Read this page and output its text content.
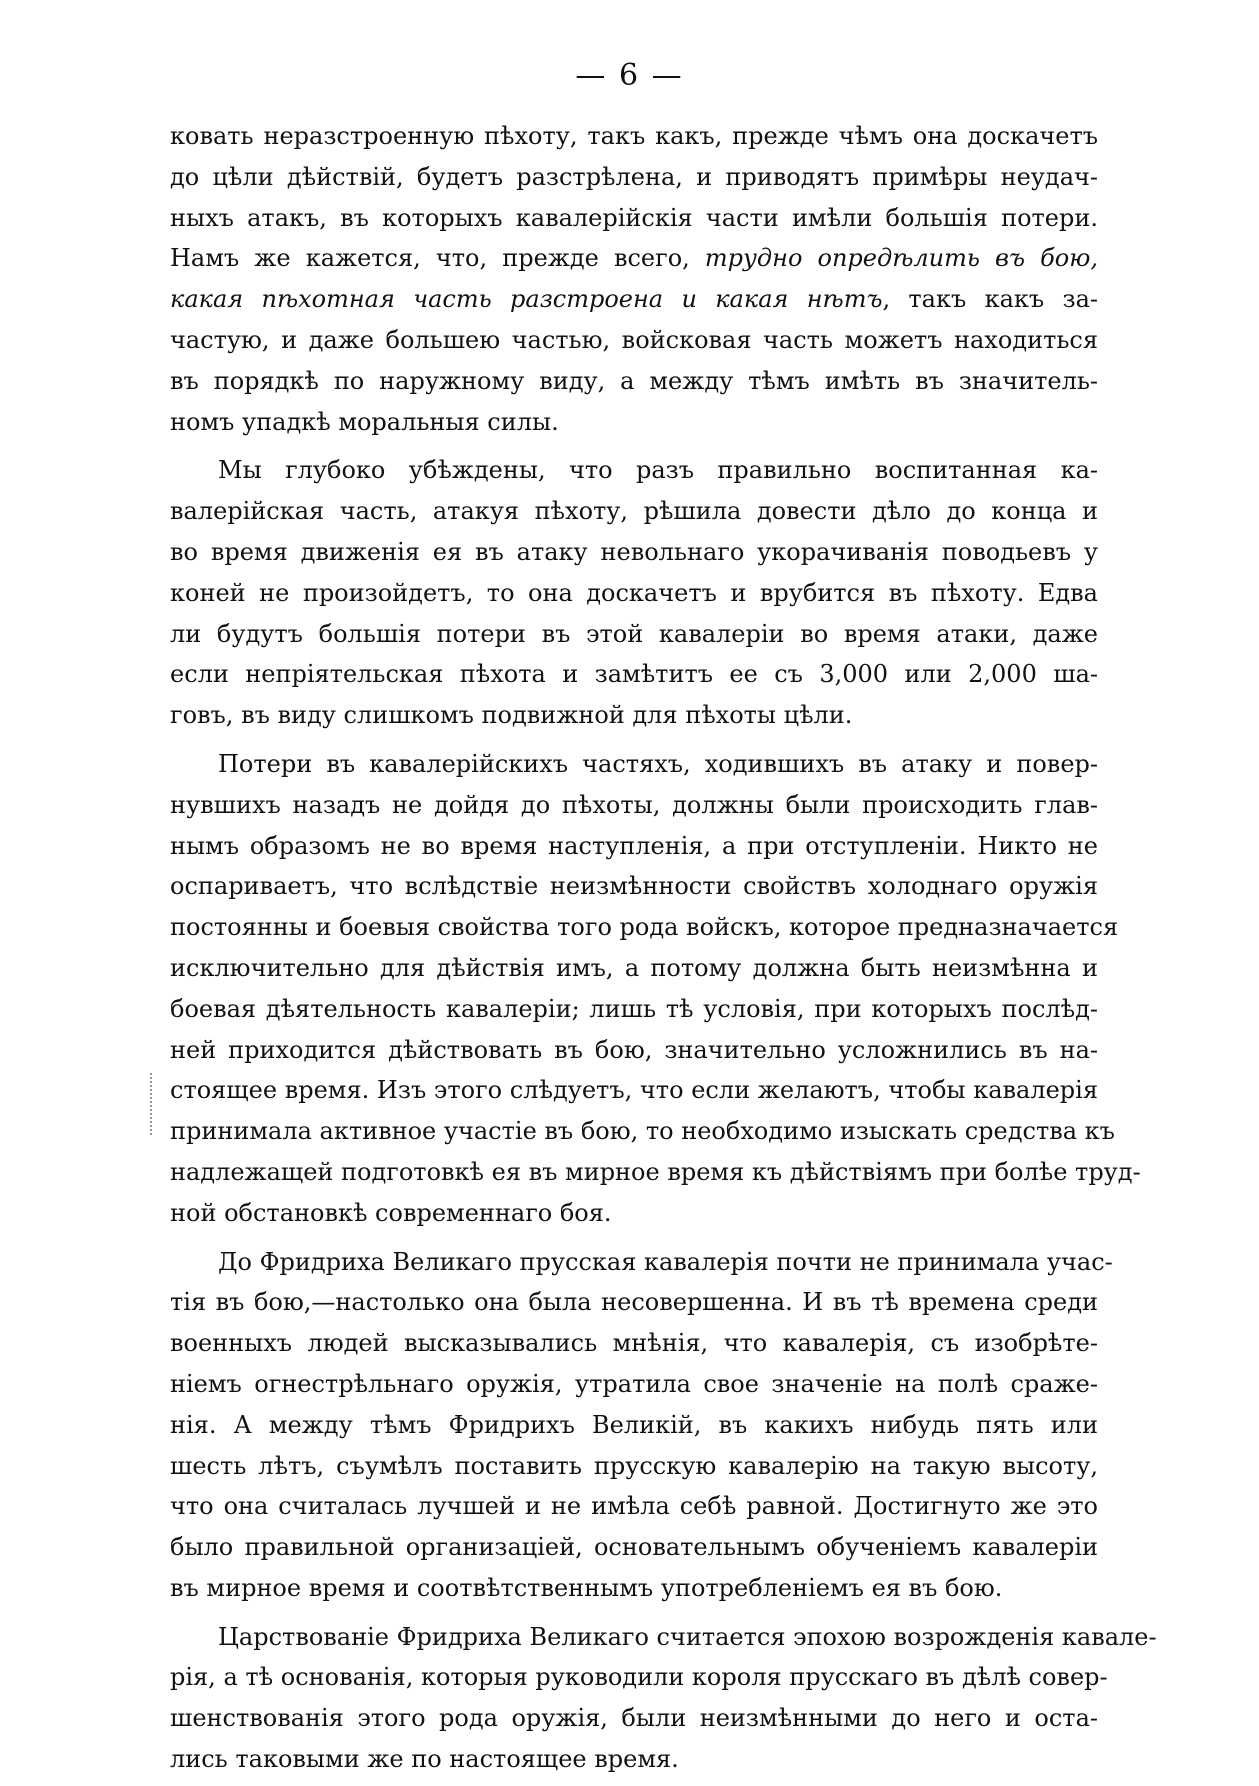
— 6 —
ковать неразстроенную пѣхоту, такъ какъ, прежде чѣмъ она доскачетъ
до цѣли дѣйствій, будетъ разстрѣлена, и приводятъ примѣры неудач-
ныхъ атакъ, въ которыхъ кавалерійскія части имѣли большія потери.
Намъ же кажется, что, прежде всего, трудно опредѣлить въ бою,
какая пѣхотная часть разстроена и какая нѣтъ, такъ какъ за-
частую, и даже большею частью, войсковая часть можетъ находиться
въ порядкѣ по наружному виду, а между тѣмъ имѣть въ значитель-
номъ упадкѣ моральныя силы.
Мы глубоко убѣждены, что разъ правильно воспитанная ка-
валерійская часть, атакуя пѣхоту, рѣшила довести дѣло до конца и
во время движенія ея въ атаку невольнаго укорачиванія поводьевъ у
коней не произойдетъ, то она доскачетъ и врубится въ пѣхоту. Едва
ли будутъ большія потери въ этой кавалеріи во время атаки, даже
если непріятельская пѣхота и замѣтитъ ее съ 3,000 или 2,000 ша-
говъ, въ виду слишкомъ подвижной для пѣхоты цѣли.
Потери въ кавалерійскихъ частяхъ, ходившихъ въ атаку и повер-
нувшихъ назадъ не дойдя до пѣхоты, должны были происходить глав-
нымъ образомъ не во время наступленія, а при отступленіи. Никто не
оспариваетъ, что вслѣдствіе неизмѣнности свойствъ холоднаго оружія
постоянны и боевыя свойства того рода войскъ, которое предназначается
исключительно для дѣйствія имъ, а потому должна быть неизмѣнна и
боевая дѣятельность кавалеріи; лишь тѣ условія, при которыхъ послѣд-
ней приходится дѣйствовать въ бою, значительно усложнились въ на-
стоящее время. Изъ этого слѣдуетъ, что если желаютъ, чтобы кавалерія
принимала активное участіе въ бою, то необходимо изыскать средства къ
надлежащей подготовкѣ ея въ мирное время къ дѣйствіямъ при болѣе труд-
ной обстановкѣ современнаго боя.
До Фридриха Великаго прусская кавалерія почти не принимала учас-
тія въ бою,—настолько она была несовершенна. И въ тѣ времена среди
военныхъ людей высказывались мнѣнія, что кавалерія, съ изобрѣте-
ніемъ огнестрѣльнаго оружія, утратила свое значеніе на полѣ сраже-
нія. А между тѣмъ Фридрихъ Великій, въ какихъ нибудь пять или
шесть лѣтъ, съумѣлъ поставить прусскую кавалерію на такую высоту,
что она считалась лучшей и не имѣла себѣ равной. Достигнуто же это
было правильной организаціей, основательнымъ обученіемъ кавалеріи
въ мирное время и соотвѣтственнымъ употребленіемъ ея въ бою.
Царствованіе Фридриха Великаго считается эпохою возрожденія кавале-
рія, а тѣ основанія, которыя руководили короля прусскаго въ дѣлѣ совер-
шенствованія этого рода оружія, были неизмѣнными до него и оста-
лись таковыми же по настоящее время.
